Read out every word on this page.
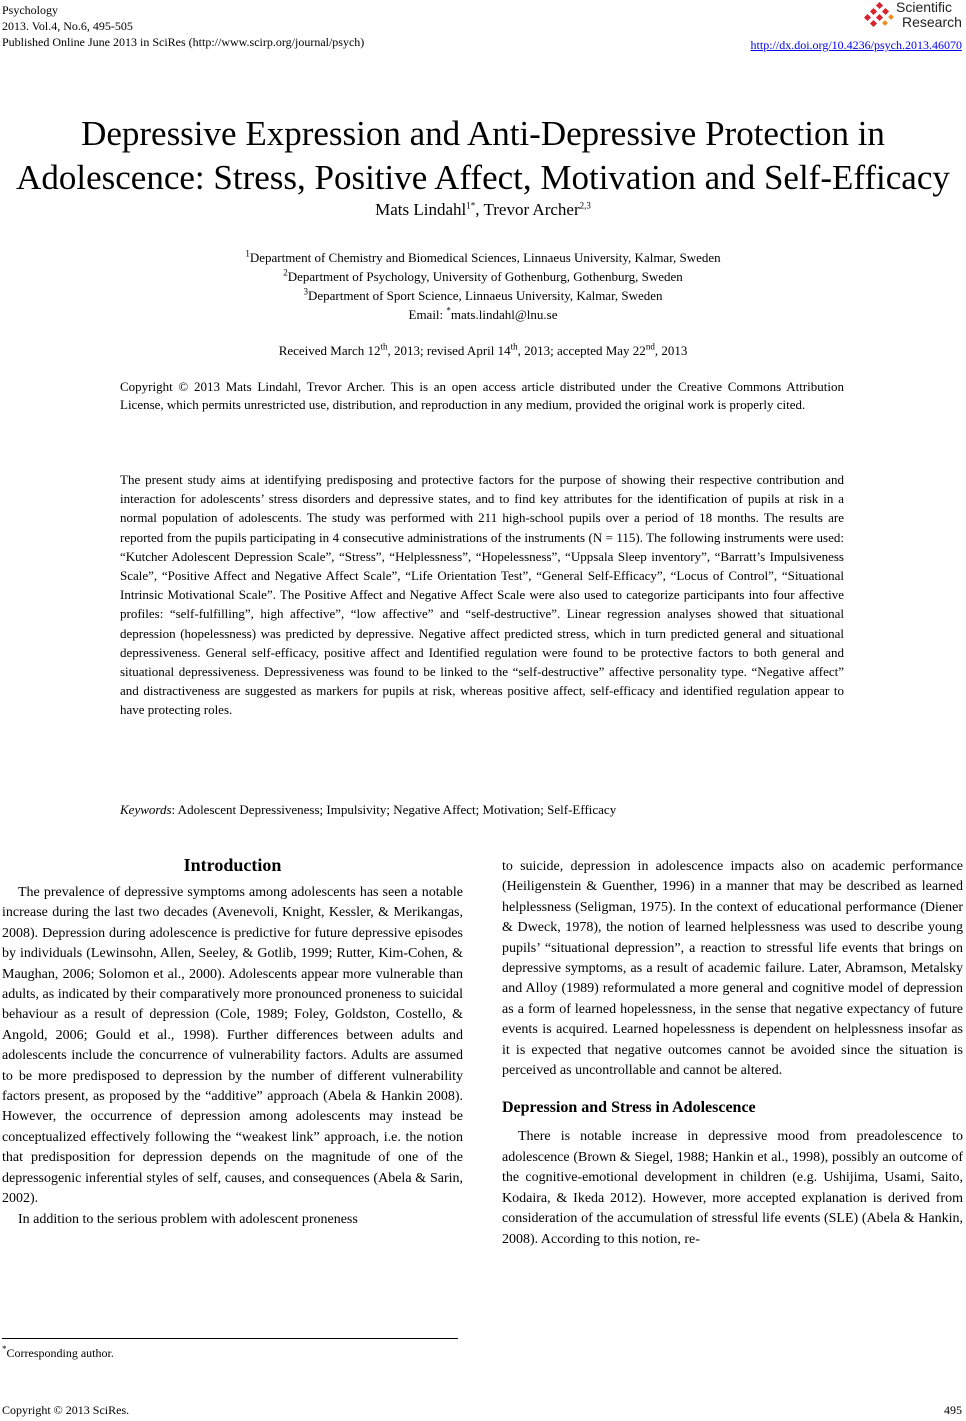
Psychology
2013. Vol.4, No.6, 495-505
Published Online June 2013 in SciRes (http://www.scirp.org/journal/psych)
Scientific
Research
http://dx.doi.org/10.4236/psych.2013.46070
Depressive Expression and Anti-Depressive Protection in
Adolescence: Stress, Positive Affect, Motivation and Self-Efficacy
Mats Lindahl$^{1*}$, Trevor Archer$^{2,3}$
$^1$Department of Chemistry and Biomedical Sciences, Linnaeus University, Kalmar, Sweden
$^2$Department of Psychology, University of Gothenburg, Gothenburg, Sweden
$^3$Department of Sport Science, Linnaeus University, Kalmar, Sweden
Email: *mats.lindahl@lnu.se
Received March 12th, 2013; revised April 14th, 2013; accepted May 22nd, 2013
Copyright © 2013 Mats Lindahl, Trevor Archer. This is an open access article distributed under the Creative Commons Attribution License, which permits unrestricted use, distribution, and reproduction in any medium, provided the original work is properly cited.

The present study aims at identifying predisposing and protective factors for the purpose of showing their respective contribution and interaction for adolescents’ stress disorders and depressive states, and to find key attributes for the identification of pupils at risk in a normal population of adolescents. The study was performed with 211 high-school pupils over a period of 18 months. The results are reported from the pupils participating in 4 consecutive administrations of the instruments (N = 115). The following instruments were used: “Kutcher Adolescent Depression Scale”, “Stress”, “Helplessness”, “Hopelessness”, “Uppsala Sleep inventory”, “Barratt’s Impulsiveness Scale”, “Positive Affect and Negative Affect Scale”, “Life Orientation Test”, “General Self-Efficacy”, “Locus of Control”, “Situational Intrinsic Motivational Scale”. The Positive Affect and Negative Affect Scale were also used to categorize participants into four affective profiles: “self-fulfilling”, high affective”, “low affective” and “self-destructive”. Linear regression analyses showed that situational depression (hopelessness) was predicted by depressive. Negative affect predicted stress, which in turn predicted general and situational depressiveness. General self-efficacy, positive affect and Identified regulation were found to be protective factors to both general and situational depressiveness. Depressiveness was found to be linked to the “self-destructive” affective personality type. “Negative affect” and distractiveness are suggested as markers for pupils at risk, whereas positive affect, self-efficacy and identified regulation appear to have protecting roles.

Keywords: Adolescent Depressiveness; Impulsivity; Negative Affect; Motivation; Self-Efficacy
Introduction

The prevalence of depressive symptoms among adolescents has seen a notable increase during the last two decades (Avenevoli, Knight, Kessler, & Merikangas, 2008). Depression during adolescence is predictive for future depressive episodes by individuals (Lewinsohn, Allen, Seeley, & Gotlib, 1999; Rutter, Kim-Cohen, & Maughan, 2006; Solomon et al., 2000). Adolescents appear more vulnerable than adults, as indicated by their comparatively more pronounced proneness to suicidal behaviour as a result of depression (Cole, 1989; Foley, Goldston, Costello, & Angold, 2006; Gould et al., 1998). Further differences between adults and adolescents include the concurrence of vulnerability factors. Adults are assumed to be more predisposed to depression by the number of different vulnerability factors present, as proposed by the “additive” approach (Abela & Hankin 2008). However, the occurrence of depression among adolescents may instead be conceptualized effectively following the “weakest link” approach, i.e. the notion that predisposition for depression depends on the magnitude of one of the depressogenic inferential styles of self, causes, and consequences (Abela & Sarin, 2002).

In addition to the serious problem with adolescent proneness

to suicide, depression in adolescence impacts also on academic performance (Heiligenstein & Guenther, 1996) in a manner that may be described as learned helplessness (Seligman, 1975). In the context of educational performance (Diener & Dweck, 1978), the notion of learned helplessness was used to describe young pupils’ “situational depression”, a reaction to stressful life events that brings on depressive symptoms, as a result of academic failure. Later, Abramson, Metalsky and Alloy (1989) reformulated a more general and cognitive model of depression as a form of learned hopelessness, in the sense that negative expectancy of future events is acquired. Learned hopelessness is dependent on helplessness insofar as it is expected that negative outcomes cannot be avoided since the situation is perceived as uncontrollable and cannot be altered.

Depression and Stress in Adolescence

There is notable increase in depressive mood from preadolescence to adolescence (Brown & Siegel, 1988; Hankin et al., 1998), possibly an outcome of the cognitive-emotional development in children (e.g. Ushijima, Usami, Saito, Kodaira, & Ikeda 2012). However, more accepted explanation is derived from consideration of the accumulation of stressful life events (SLE) (Abela & Hankin, 2008). According to this notion, re-

*Corresponding author.
Copyright © 2013 SciRes.	495
